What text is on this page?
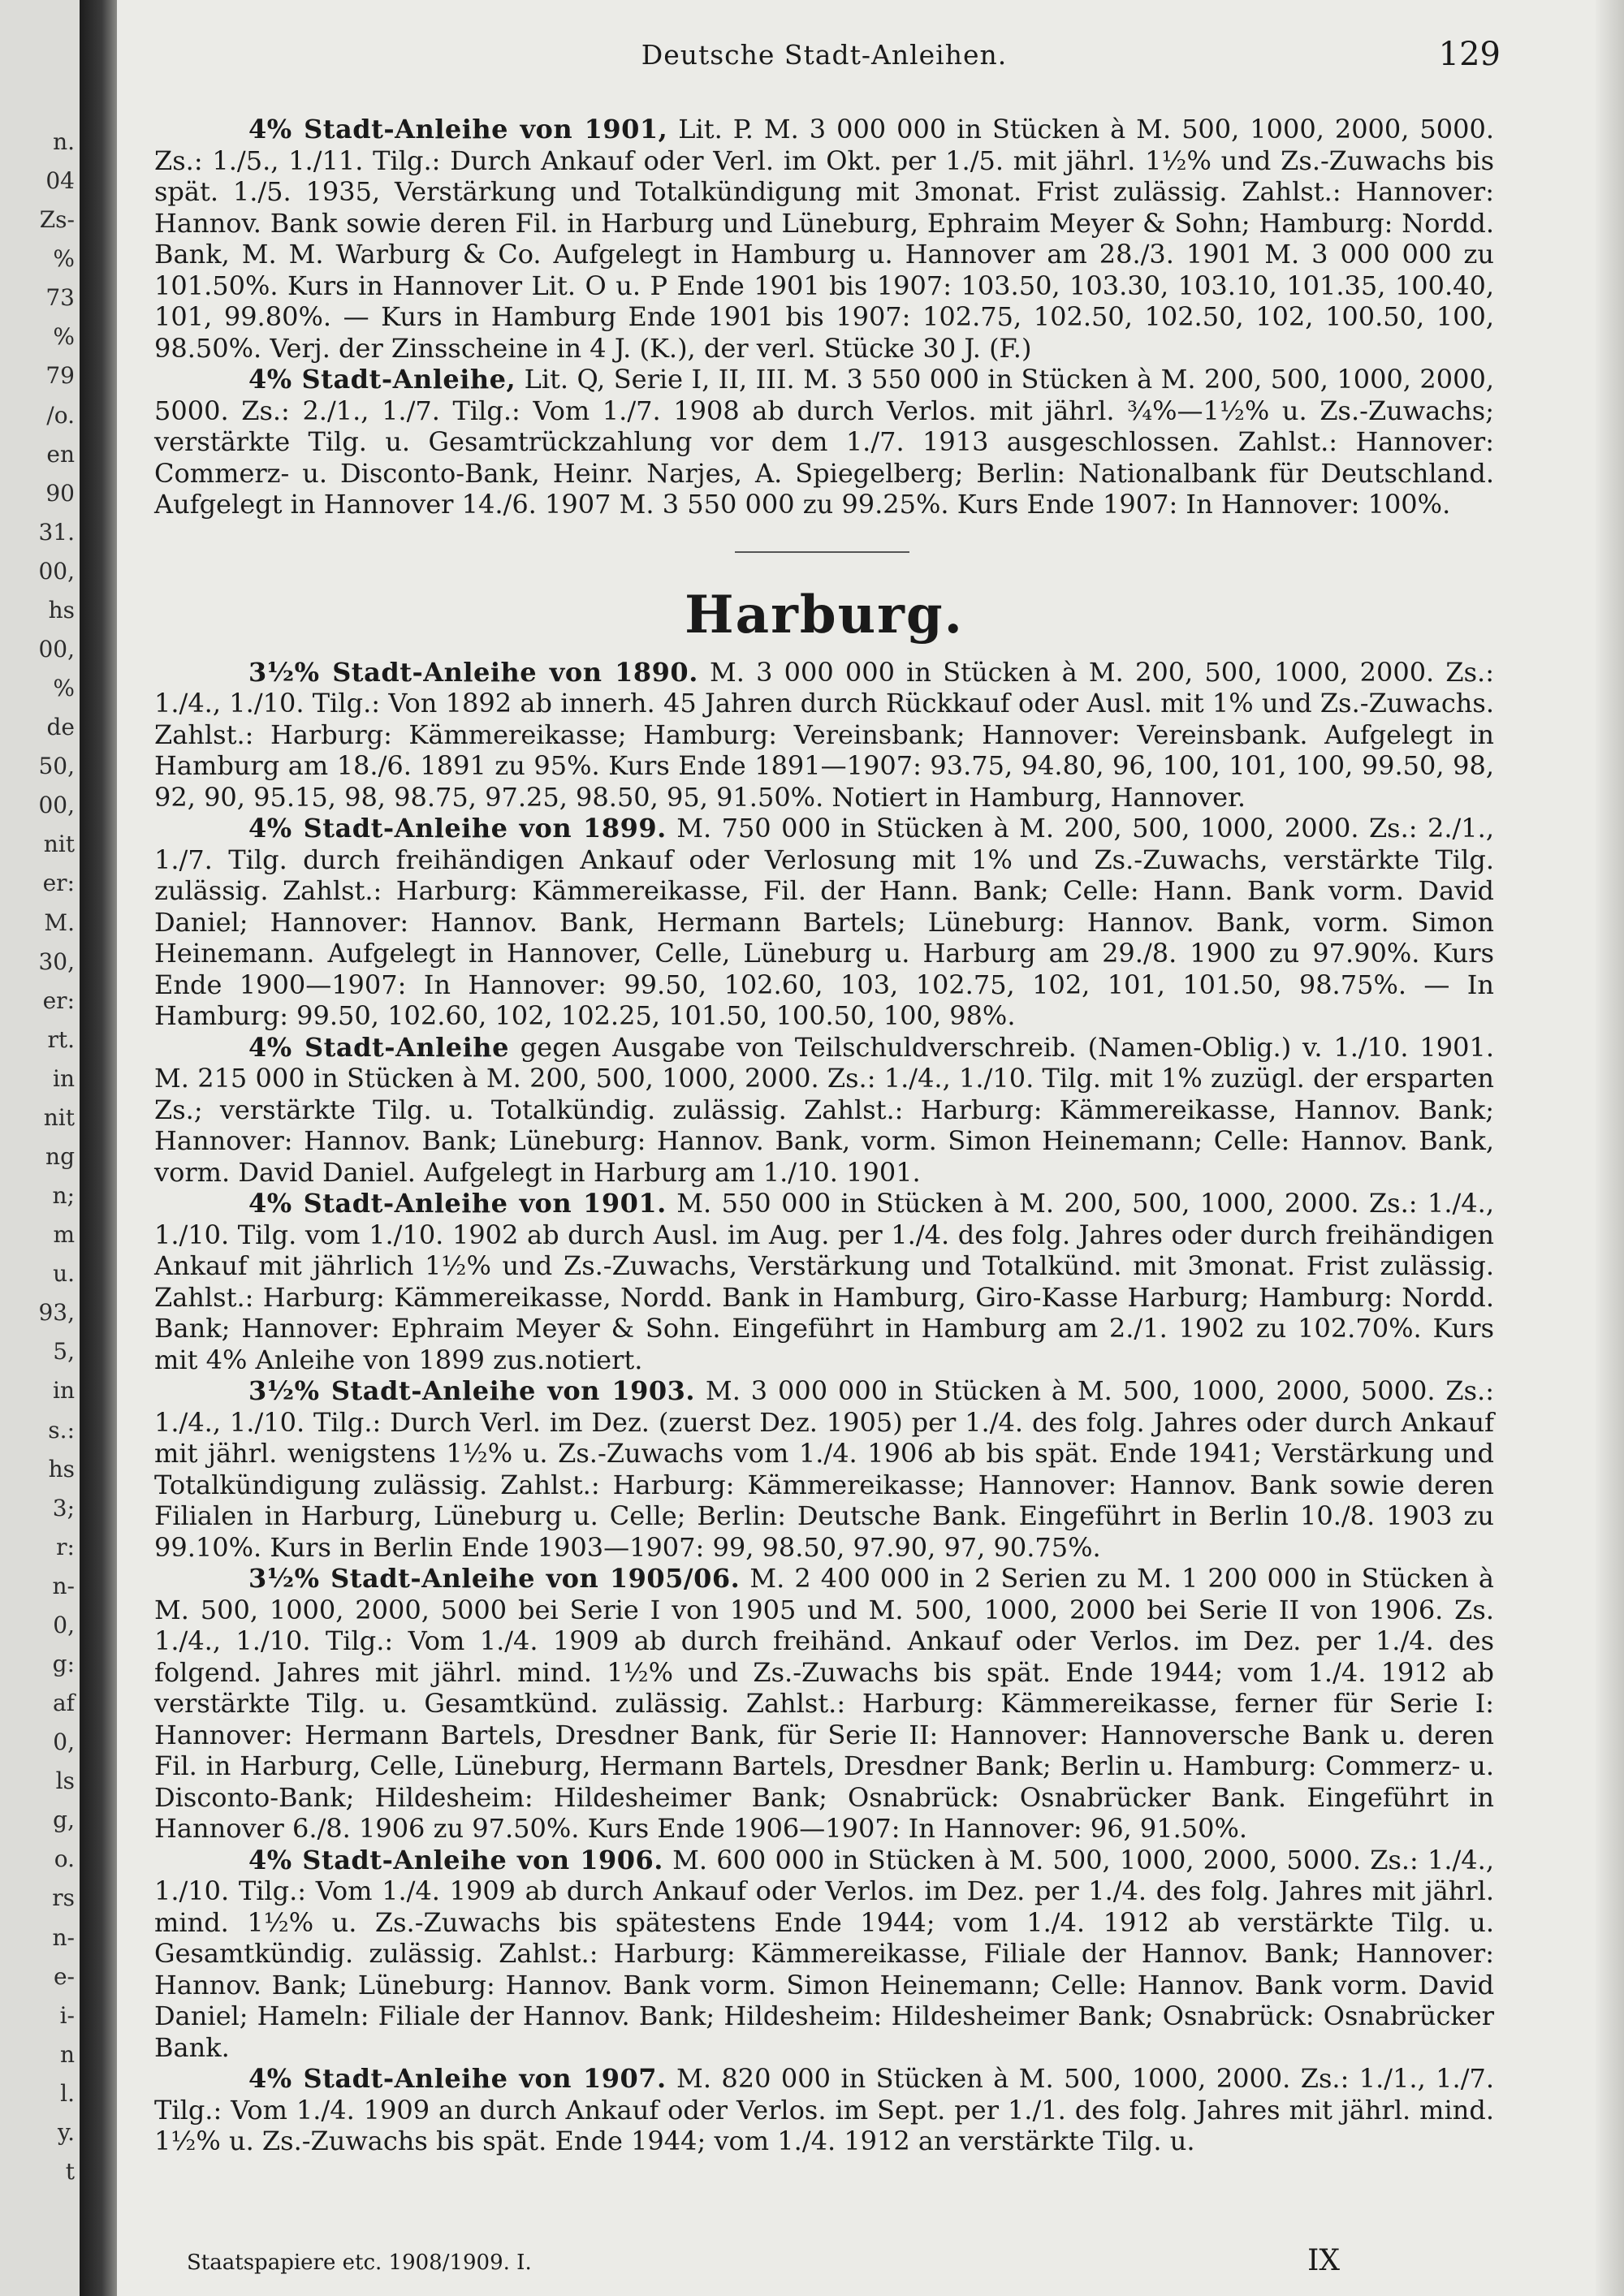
n.
04
Zs-
%
73
%
79
/o.
en
90
31.
00,
hs
00,
%
de
50,
00,
nit
er:
M.
30,
er:
rt.
in
nit
ng
n;
m
u.
93,
5,
in
s.:
hs
3;
r:
n-
0,
g:
af
0,
ls
g,
o.
rs
n-
e-
i-
n
l.
y.
t
Deutsche Stadt-Anleihen.	129

4% Stadt-Anleihe von 1901, Lit. P. M. 3 000 000 in Stücken à M. 500, 1000, 2000, 5000. Zs.: 1./5., 1./11. Tilg.: Durch Ankauf oder Verl. im Okt. per 1./5. mit jährl. 1½% und Zs.-Zuwachs bis spät. 1./5. 1935, Verstärkung und Totalkündigung mit 3monat. Frist zulässig. Zahlst.: Hannover: Hannov. Bank sowie deren Fil. in Harburg und Lüneburg, Ephraim Meyer & Sohn; Hamburg: Nordd. Bank, M. M. Warburg & Co. Aufgelegt in Hamburg u. Hannover am 28./3. 1901 M. 3 000 000 zu 101.50%. Kurs in Hannover Lit. O u. P Ende 1901 bis 1907: 103.50, 103.30, 103.10, 101.35, 100.40, 101, 99.80%. — Kurs in Hamburg Ende 1901 bis 1907: 102.75, 102.50, 102.50, 102, 100.50, 100, 98.50%. Verj. der Zinsscheine in 4 J. (K.), der verl. Stücke 30 J. (F.)

4% Stadt-Anleihe, Lit. Q, Serie I, II, III. M. 3 550 000 in Stücken à M. 200, 500, 1000, 2000, 5000. Zs.: 2./1., 1./7. Tilg.: Vom 1./7. 1908 ab durch Verlos. mit jährl. ¾%—1½% u. Zs.-Zuwachs; verstärkte Tilg. u. Gesamtrückzahlung vor dem 1./7. 1913 ausgeschlossen. Zahlst.: Hannover: Commerz- u. Disconto-Bank, Heinr. Narjes, A. Spiegelberg; Berlin: Nationalbank für Deutschland. Aufgelegt in Hannover 14./6. 1907 M. 3 550 000 zu 99.25%. Kurs Ende 1907: In Hannover: 100%.

Harburg.

3½% Stadt-Anleihe von 1890. M. 3 000 000 in Stücken à M. 200, 500, 1000, 2000. Zs.: 1./4., 1./10. Tilg.: Von 1892 ab innerh. 45 Jahren durch Rückkauf oder Ausl. mit 1% und Zs.-Zuwachs. Zahlst.: Harburg: Kämmereikasse; Hamburg: Vereinsbank; Hannover: Vereinsbank. Aufgelegt in Hamburg am 18./6. 1891 zu 95%. Kurs Ende 1891—1907: 93.75, 94.80, 96, 100, 101, 100, 99.50, 98, 92, 90, 95.15, 98, 98.75, 97.25, 98.50, 95, 91.50%. Notiert in Hamburg, Hannover.

4% Stadt-Anleihe von 1899. M. 750 000 in Stücken à M. 200, 500, 1000, 2000. Zs.: 2./1., 1./7. Tilg. durch freihändigen Ankauf oder Verlosung mit 1% und Zs.-Zuwachs, verstärkte Tilg. zulässig. Zahlst.: Harburg: Kämmereikasse, Fil. der Hann. Bank; Celle: Hann. Bank vorm. David Daniel; Hannover: Hannov. Bank, Hermann Bartels; Lüneburg: Hannov. Bank, vorm. Simon Heinemann. Aufgelegt in Hannover, Celle, Lüneburg u. Harburg am 29./8. 1900 zu 97.90%. Kurs Ende 1900—1907: In Hannover: 99.50, 102.60, 103, 102.75, 102, 101, 101.50, 98.75%. — In Hamburg: 99.50, 102.60, 102, 102.25, 101.50, 100.50, 100, 98%.

4% Stadt-Anleihe gegen Ausgabe von Teilschuldverschreib. (Namen-Oblig.) v. 1./10. 1901. M. 215 000 in Stücken à M. 200, 500, 1000, 2000. Zs.: 1./4., 1./10. Tilg. mit 1% zuzügl. der ersparten Zs.; verstärkte Tilg. u. Totalkündig. zulässig. Zahlst.: Harburg: Kämmereikasse, Hannov. Bank; Hannover: Hannov. Bank; Lüneburg: Hannov. Bank, vorm. Simon Heinemann; Celle: Hannov. Bank, vorm. David Daniel. Aufgelegt in Harburg am 1./10. 1901.

4% Stadt-Anleihe von 1901. M. 550 000 in Stücken à M. 200, 500, 1000, 2000. Zs.: 1./4., 1./10. Tilg. vom 1./10. 1902 ab durch Ausl. im Aug. per 1./4. des folg. Jahres oder durch freihändigen Ankauf mit jährlich 1½% und Zs.-Zuwachs, Verstärkung und Totalkünd. mit 3monat. Frist zulässig. Zahlst.: Harburg: Kämmereikasse, Nordd. Bank in Hamburg, Giro-Kasse Harburg; Hamburg: Nordd. Bank; Hannover: Ephraim Meyer & Sohn. Eingeführt in Hamburg am 2./1. 1902 zu 102.70%. Kurs mit 4% Anleihe von 1899 zus.notiert.

3½% Stadt-Anleihe von 1903. M. 3 000 000 in Stücken à M. 500, 1000, 2000, 5000. Zs.: 1./4., 1./10. Tilg.: Durch Verl. im Dez. (zuerst Dez. 1905) per 1./4. des folg. Jahres oder durch Ankauf mit jährl. wenigstens 1½% u. Zs.-Zuwachs vom 1./4. 1906 ab bis spät. Ende 1941; Verstärkung und Totalkündigung zulässig. Zahlst.: Harburg: Kämmereikasse; Hannover: Hannov. Bank sowie deren Filialen in Harburg, Lüneburg u. Celle; Berlin: Deutsche Bank. Eingeführt in Berlin 10./8. 1903 zu 99.10%. Kurs in Berlin Ende 1903—1907: 99, 98.50, 97.90, 97, 90.75%.

3½% Stadt-Anleihe von 1905/06. M. 2 400 000 in 2 Serien zu M. 1 200 000 in Stücken à M. 500, 1000, 2000, 5000 bei Serie I von 1905 und M. 500, 1000, 2000 bei Serie II von 1906. Zs. 1./4., 1./10. Tilg.: Vom 1./4. 1909 ab durch freihänd. Ankauf oder Verlos. im Dez. per 1./4. des folgend. Jahres mit jährl. mind. 1½% und Zs.-Zuwachs bis spät. Ende 1944; vom 1./4. 1912 ab verstärkte Tilg. u. Gesamtkünd. zulässig. Zahlst.: Harburg: Kämmereikasse, ferner für Serie I: Hannover: Hermann Bartels, Dresdner Bank, für Serie II: Hannover: Hannoversche Bank u. deren Fil. in Harburg, Celle, Lüneburg, Hermann Bartels, Dresdner Bank; Berlin u. Hamburg: Commerz- u. Disconto-Bank; Hildesheim: Hildesheimer Bank; Osnabrück: Osnabrücker Bank. Eingeführt in Hannover 6./8. 1906 zu 97.50%. Kurs Ende 1906—1907: In Hannover: 96, 91.50%.

4% Stadt-Anleihe von 1906. M. 600 000 in Stücken à M. 500, 1000, 2000, 5000. Zs.: 1./4., 1./10. Tilg.: Vom 1./4. 1909 ab durch Ankauf oder Verlos. im Dez. per 1./4. des folg. Jahres mit jährl. mind. 1½% u. Zs.-Zuwachs bis spätestens Ende 1944; vom 1./4. 1912 ab verstärkte Tilg. u. Gesamtkündig. zulässig. Zahlst.: Harburg: Kämmereikasse, Filiale der Hannov. Bank; Hannover: Hannov. Bank; Lüneburg: Hannov. Bank vorm. Simon Heinemann; Celle: Hannov. Bank vorm. David Daniel; Hameln: Filiale der Hannov. Bank; Hildesheim: Hildesheimer Bank; Osnabrück: Osnabrücker Bank.

4% Stadt-Anleihe von 1907. M. 820 000 in Stücken à M. 500, 1000, 2000. Zs.: 1./1., 1./7. Tilg.: Vom 1./4. 1909 an durch Ankauf oder Verlos. im Sept. per 1./1. des folg. Jahres mit jährl. mind. 1½% u. Zs.-Zuwachs bis spät. Ende 1944; vom 1./4. 1912 an verstärkte Tilg. u.

Staatspapiere etc. 1908/1909. I.	IX
